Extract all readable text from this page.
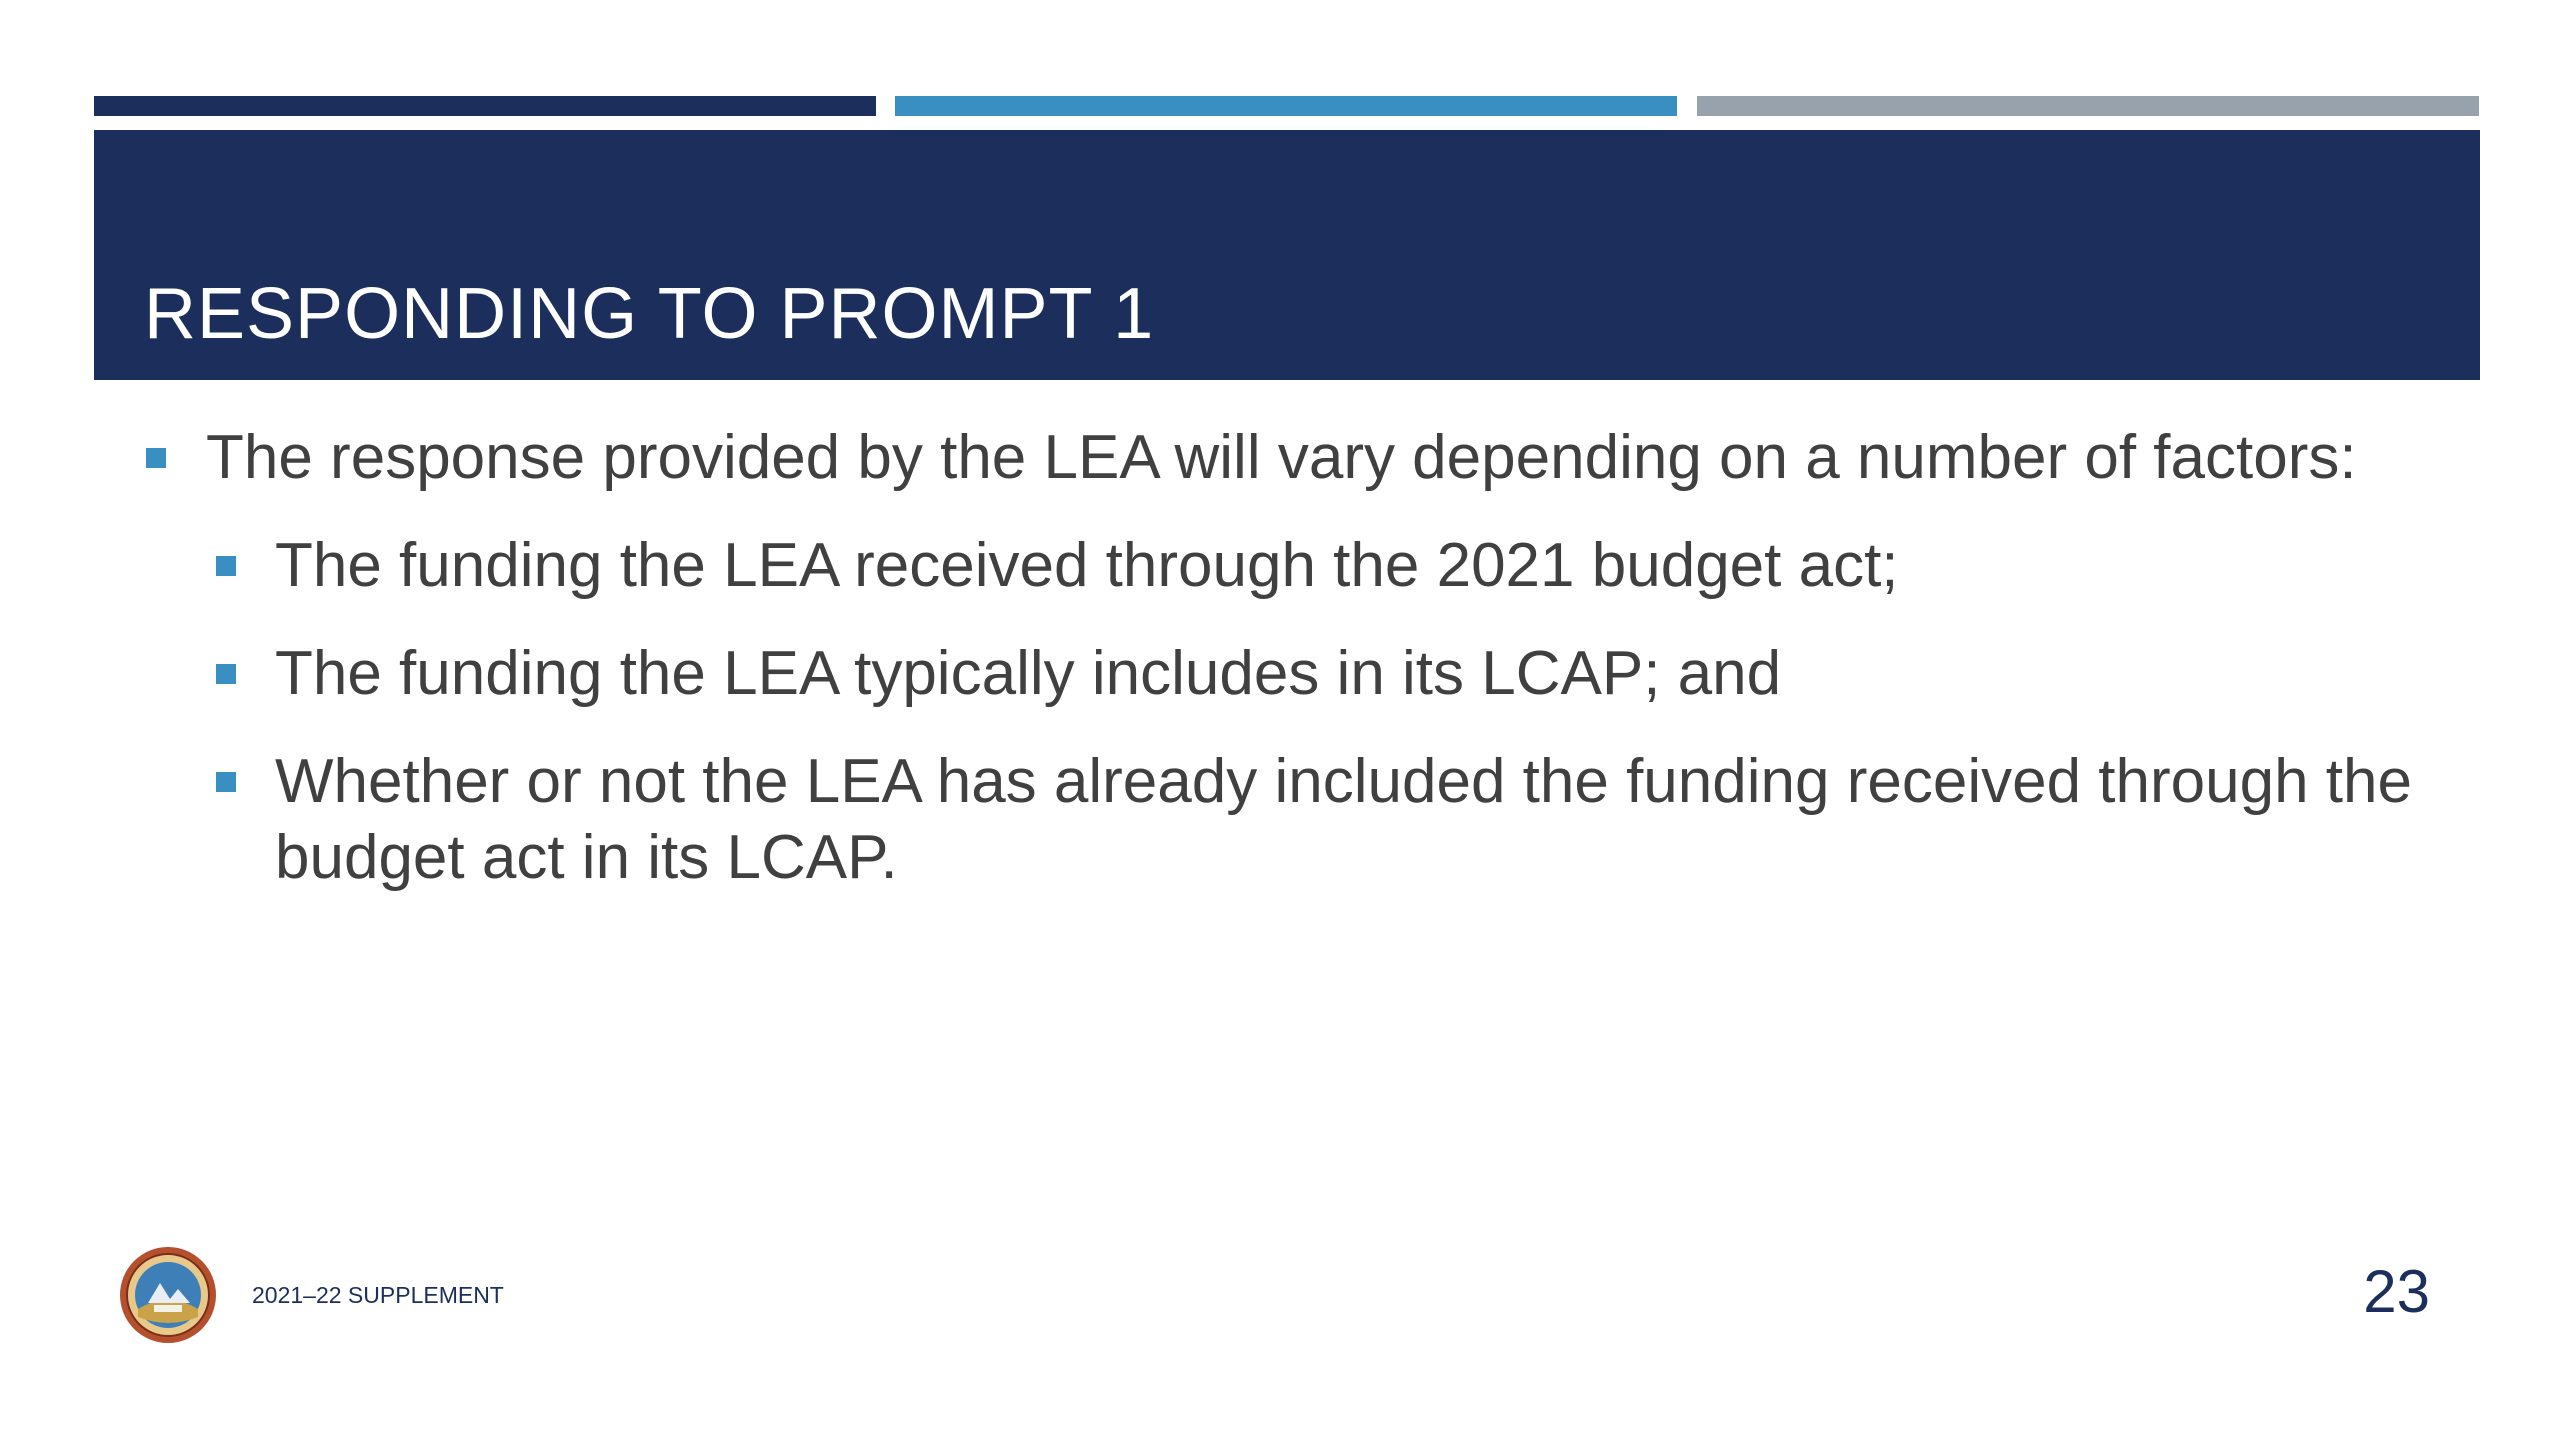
RESPONDING TO PROMPT 1
The response provided by the LEA will vary depending on a number of factors:
The funding the LEA received through the 2021 budget act;
The funding the LEA typically includes in its LCAP; and
Whether or not the LEA has already included the funding received through the budget act in its LCAP.
2021–22 SUPPLEMENT	23
